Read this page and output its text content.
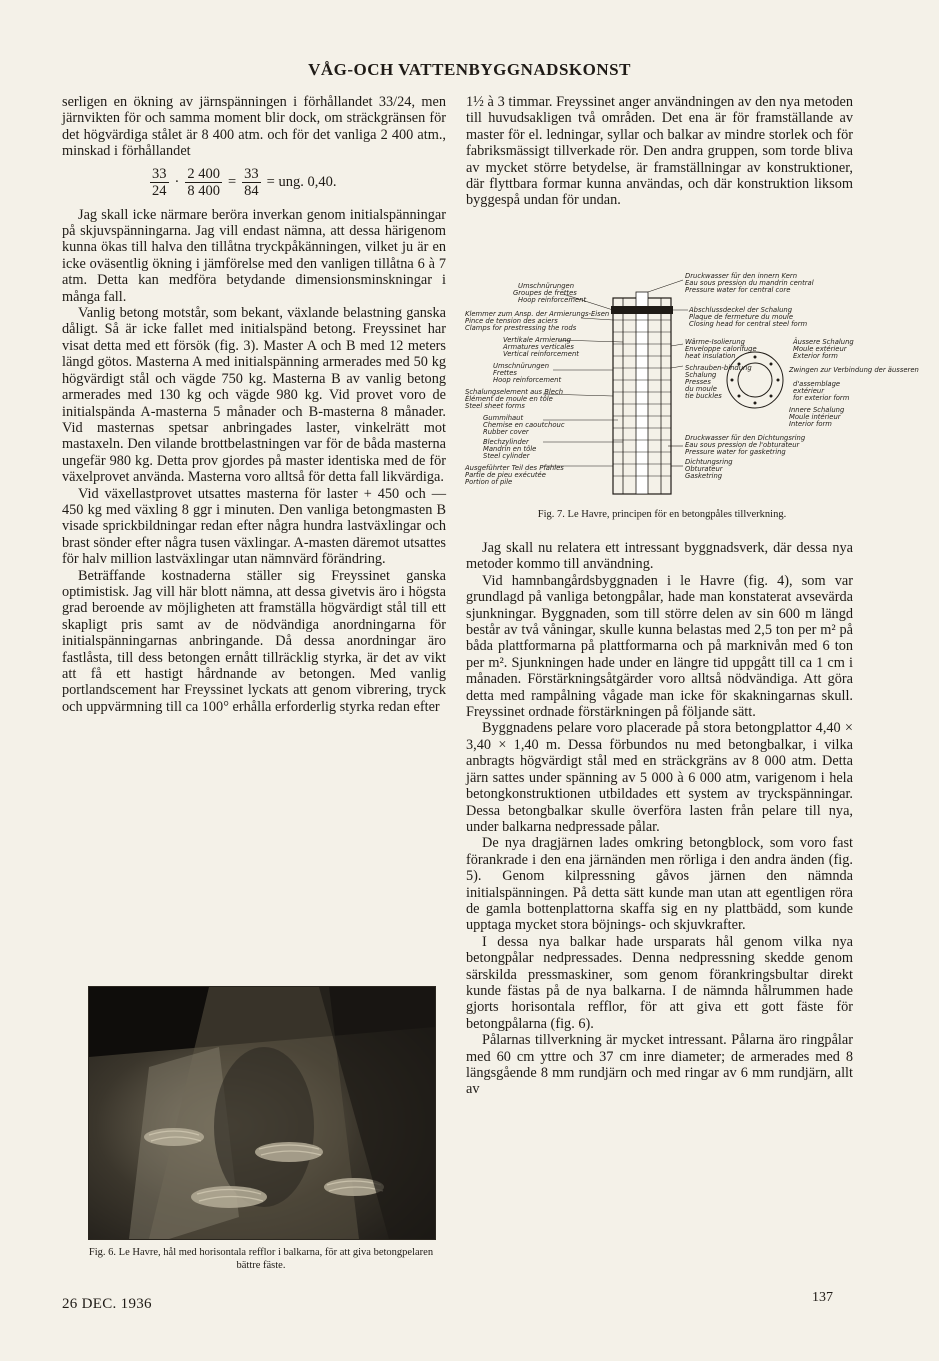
VÅG-OCH VATTENBYGGNADSKONST

serligen en ökning av järnspänningen i förhållandet 33/24, men järnvikten för och samma moment blir dock, om sträckgränsen för det högvärdiga stålet är 8 400 atm. och för det vanliga 2 400 atm., minskad i förhållandet

$\frac{33}{24} \cdot \frac{2 400}{8 400} = \frac{33}{84}$ = ung. 0,40.

Jag skall icke närmare beröra inverkan genom initialspänningar på skjuvspänningarna. Jag vill endast nämna, att dessa härigenom kunna ökas till halva den tillåtna tryckpåkänningen, vilket ju är en icke oväsentlig ökning i jämförelse med den vanligen tillåtna 6 à 7 atm. Detta kan medföra betydande dimensionsminskningar i många fall.

Vanlig betong motstår, som bekant, växlande belastning ganska dåligt. Så är icke fallet med initialspänd betong. Freyssinet har visat detta med ett försök (fig. 3). Master A och B med 12 meters längd götos. Masterna A med initialspänning armerades med 50 kg högvärdigt stål och vägde 750 kg. Masterna B av vanlig betong armerades med 130 kg och vägde 980 kg. Vid provet voro de initialspända A-masterna 5 månader och B-masterna 8 månader. Vid masternas spetsar anbringades laster, vinkelrätt mot mastaxeln. Den vilande brottbelastningen var för de båda masterna ungefär 980 kg. Detta prov gjordes på master identiska med de för växelprovet använda. Masterna voro alltså för detta fall likvärdiga.

Vid växellastprovet utsattes masterna för laster + 450 och — 450 kg med växling 8 ggr i minuten. Den vanliga betongmasten B visade sprickbildningar redan efter några hundra lastväxlingar och brast sönder efter några tusen växlingar. A-masten däremot utsattes för halv million lastväxlingar utan nämnvärd förändring.

Beträffande kostnaderna ställer sig Freyssinet ganska optimistisk. Jag vill här blott nämna, att dessa givetvis äro i högsta grad beroende av möjligheten att framställa högvärdigt stål till ett skapligt pris samt av de nödvändiga anordningarna för initialspänningarnas anbringande. Då dessa anordningar äro fastlåsta, till dess betongen ernått tillräcklig styrka, är det av vikt att få ett hastigt hårdnande av betongen. Med vanlig portlandscement har Freyssinet lyckats att genom vibrering, tryck och uppvärmning till ca 100° erhålla erforderlig styrka redan efter

Fig. 6. Le Havre, hål med horisontala refflor i balkarna, för att giva betongpelaren bättre fäste.

1½ à 3 timmar. Freyssinet anger användningen av den nya metoden till huvudsakligen två områden. Det ena är för framställande av master för el. ledningar, syllar och balkar av mindre storlek och för fabriksmässigt tillverkade rör. Den andra gruppen, som torde bliva av mycket större betydelse, är framställningar av konstruktioner, där flyttbara formar kunna användas, och där konstruktion liksom byggespå undan för undan.

Umschnürungen
Groupes de frettes
Hoop reinforcement
Klemmer zum Ansp. der Armierungs-Eisen
Pince de tension des aciers
Clamps for prestressing the rods
Vertikale Armierung
Armatures verticales
Vertical reinforcement
Umschnürungen
Frettes
Hoop reinforcement
Schalungselement aus Blech
Élément de moule en tôle
Steel sheet forms
Gummihaut
Chemise en caoutchouc
Rubber cover
Blechzylinder
Mandrin en tôle
Steel cylinder
Ausgeführter Teil des Pfahles
Partie de pieu exécutée
Portion of pile
Druckwasser für den innern Kern
Eau sous pression du mandrin central
Pressure water for central core
Abschlussdeckel der Schalung
Plaque de fermeture du moule
Closing head for central steel form
Wärme-Isolierung
Enveloppe calorifuge
heat insulation
Äussere Schalung
Moule extérieur
Exterior form
Schrauben-bindung
Schalung
Presses
du moule
tie buckles
Zwingen zur Verbindung der äusseren
d'assemblage
extérieur
for exterior form
Innere Schalung
Moule intérieur
Interior form
Druckwasser für den Dichtungsring
Eau sous pression de l'obturateur
Pressure water for gasketring
Dichtungsring
Obturateur
Gasketring
Fig. 7. Le Havre, principen för en betongpåles tillverkning.

Jag skall nu relatera ett intressant byggnadsverk, där dessa nya metoder kommo till användning.

Vid hamnbangårdsbyggnaden i le Havre (fig. 4), som var grundlagd på vanliga betongpålar, hade man konstaterat avsevärda sjunkningar. Byggnaden, som till större delen av sin 600 m längd består av två våningar, skulle kunna belastas med 2,5 ton per m² på båda plattformarna på plattformarna och på marknivån med 6 ton per m². Sjunkningen hade under en längre tid uppgått till ca 1 cm i månaden. Förstärkningsåtgärder voro alltså nödvändiga. Att göra detta med rampålning vågade man icke för skakningarnas skull. Freyssinet ordnade förstärkningen på följande sätt.

Byggnadens pelare voro placerade på stora betongplattor 4,40 × 3,40 × 1,40 m. Dessa förbundos nu med betongbalkar, i vilka anbragts högvärdigt stål med en sträckgräns av 8 000 atm. Detta järn sattes under spänning av 5 000 à 6 000 atm, varigenom i hela betongkonstruktionen utbildades ett system av tryckspänningar. Dessa betongbalkar skulle överföra lasten från pelare till nya, under balkarna nedpressade pålar.

De nya dragjärnen lades omkring betongblock, som voro fast förankrade i den ena järnänden men rörliga i den andra änden (fig. 5). Genom kilpressning gåvos järnen den nämnda initialspänningen. På detta sätt kunde man utan att egentligen röra de gamla bottenplattorna skaffa sig en ny plattbädd, som kunde upptaga mycket stora böjnings- och skjuvkrafter.

I dessa nya balkar hade ursparats hål genom vilka nya betongpålar nedpressades. Denna nedpressning skedde genom särskilda pressmaskiner, som genom förankringsbultar direkt kunde fästas på de nya balkarna. I de nämnda hålrummen hade gjorts horisontala refflor, för att giva ett gott fäste för betongpålarna (fig. 6).

Pålarnas tillverkning är mycket intressant. Pålarna äro ringpålar med 60 cm yttre och 37 cm inre diameter; de armerades med 8 längsgående 8 mm rundjärn och med ringar av 6 mm rundjärn, allt av

26 DEC. 1936	137
